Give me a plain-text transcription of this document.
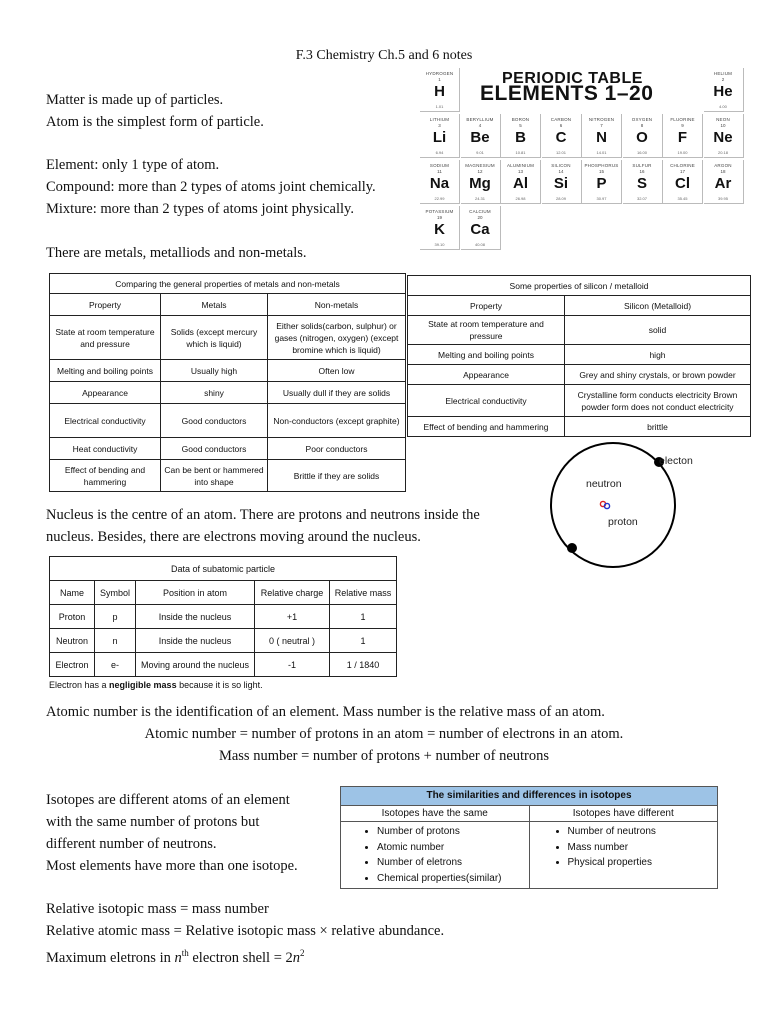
F.3 Chemistry Ch.5 and 6 notes
Matter is made up of particles.
Atom is the simplest form of particle.
Element: only 1 type of atom.
Compound: more than 2 types of atoms joint chemically.
Mixture: more than 2 types of atoms joint physically.
There are metals, metalliods and non-metals.
PERIODIC TABLE
ELEMENTS 1–20
HYDROGEN
1
H
1.01
HELIUM
2
He
4.00
LITHIUM
3
Li
6.94
BERYLLIUM
4
Be
9.01
BORON
5
B
10.81
CARBON
6
C
12.01
NITROGEN
7
N
14.01
OXYGEN
8
O
16.00
FLUORINE
9
F
19.00
NEON
10
Ne
20.18
SODIUM
11
Na
22.99
MAGNESIUM
12
Mg
24.31
ALUMINIUM
13
Al
26.98
SILICON
14
Si
28.09
PHOSPHORUS
15
P
30.97
SULFUR
16
S
32.07
CHLORINE
17
Cl
35.45
ARGON
18
Ar
39.95
POTASSIUM
19
K
39.10
CALCIUM
20
Ca
40.08
Comparing the general properties of metals and non-metals		
Property	Metals	Non-metals
State at room temperature and pressure	Solids (except mercury which is liquid)	Either solids(carbon, sulphur) or gases (nitrogen, oxygen) (except bromine which is liquid)
Melting and boiling points	Usually high	Often low
Appearance	shiny	Usually dull if they are solids
Electrical conductivity	Good conductors	Non-conductors (except graphite)
Heat conductivity	Good conductors	Poor conductors
Effect of bending and hammering	Can be bent or hammered into shape	Brittle if they are solids
Some properties of silicon / metalloid	
Property	Silicon (Metalloid)
State at room temperature and pressure	solid
Melting and boiling points	high
Appearance	Grey and shiny crystals, or brown powder
Electrical conductivity	Crystalline form conducts electricity Brown powder form does not conduct electricity
Effect of bending and hammering	brittle
electon
neutron
proton
Nucleus is the centre of an atom. There are protons and neutrons inside the
nucleus. Besides, there are electrons moving around the nucleus.
Data of subatomic particle				
Name	Symbol	Position in atom	Relative charge	Relative mass
Proton	p	Inside the nucleus	+1	1
Neutron	n	Inside the nucleus	0 ( neutral )	1
Electron	e-	Moving around the nucleus	-1	1 / 1840
Electron has a negligible mass because it is so light.
Atomic number is the identification of an element. Mass number is the relative mass of an atom.
Atomic number = number of protons in an atom = number of electrons in an atom.
Mass number = number of protons + number of neutrons
Isotopes are different atoms of an element
with the same number of protons but
different number of neutrons.
Most elements have more than one isotope.
The similarities and differences in isotopes
Isotopes have the same
• Number of protons
• Atomic number
• Number of eletrons
• Chemical properties(similar)
Isotopes have different
• Number of neutrons
• Mass number
• Physical properties
Relative isotopic mass = mass number
Relative atomic mass = Relative isotopic mass × relative abundance.
Maximum eletrons in $n^{th}$ electron shell = $2n^2$
